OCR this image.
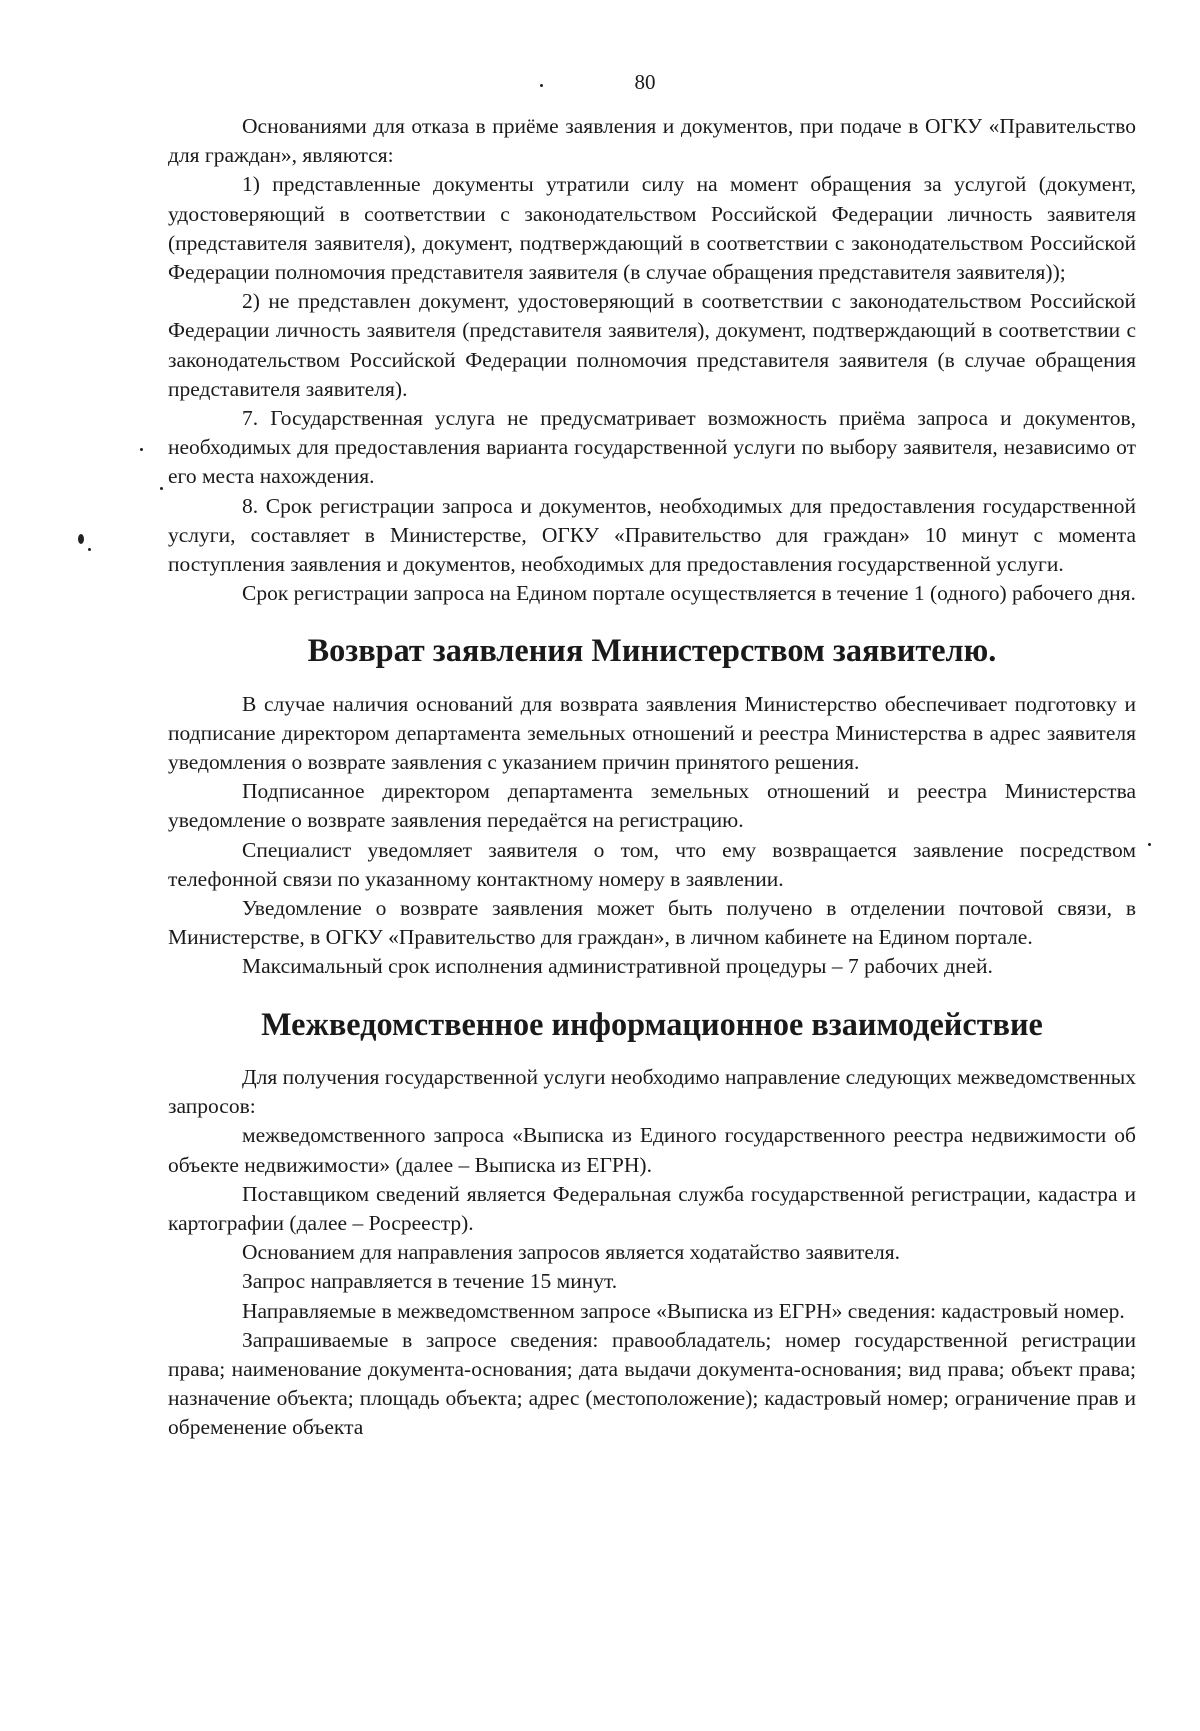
80

Основаниями для отказа в приёме заявления и документов, при подаче в ОГКУ «Правительство для граждан», являются:

1) представленные документы утратили силу на момент обращения за услугой (документ, удостоверяющий в соответствии с законодательством Российской Федерации личность заявителя (представителя заявителя), документ, подтверждающий в соответствии с законодательством Российской Федерации полномочия представителя заявителя (в случае обращения представителя заявителя));

2) не представлен документ, удостоверяющий в соответствии с законодательством Российской Федерации личность заявителя (представителя заявителя), документ, подтверждающий в соответствии с законодательством Российской Федерации полномочия представителя заявителя (в случае обращения представителя заявителя).

7. Государственная услуга не предусматривает возможность приёма запроса и документов, необходимых для предоставления варианта государственной услуги по выбору заявителя, независимо от его места нахождения.

8. Срок регистрации запроса и документов, необходимых для предоставления государственной услуги, составляет в Министерстве, ОГКУ «Правительство для граждан» 10 минут с момента поступления заявления и документов, необходимых для предоставления государственной услуги.

Срок регистрации запроса на Едином портале осуществляется в течение 1 (одного) рабочего дня.

Возврат заявления Министерством заявителю.

В случае наличия оснований для возврата заявления Министерство обеспечивает подготовку и подписание директором департамента земельных отношений и реестра Министерства в адрес заявителя уведомления о возврате заявления с указанием причин принятого решения.

Подписанное директором департамента земельных отношений и реестра Министерства уведомление о возврате заявления передаётся на регистрацию.

Специалист уведомляет заявителя о том, что ему возвращается заявление посредством телефонной связи по указанному контактному номеру в заявлении.

Уведомление о возврате заявления может быть получено в отделении почтовой связи, в Министерстве, в ОГКУ «Правительство для граждан», в личном кабинете на Едином портале.

Максимальный срок исполнения административной процедуры – 7 рабочих дней.

Межведомственное информационное взаимодействие

Для получения государственной услуги необходимо направление следующих межведомственных запросов:

межведомственного запроса «Выписка из Единого государственного реестра недвижимости об объекте недвижимости» (далее – Выписка из ЕГРН).

Поставщиком сведений является Федеральная служба государственной регистрации, кадастра и картографии (далее – Росреестр).

Основанием для направления запросов является ходатайство заявителя.

Запрос направляется в течение 15 минут.

Направляемые в межведомственном запросе «Выписка из ЕГРН» сведения: кадастровый номер.

Запрашиваемые в запросе сведения: правообладатель; номер государственной регистрации права; наименование документа-основания; дата выдачи документа-основания; вид права; объект права; назначение объекта; площадь объекта; адрес (местоположение); кадастровый номер; ограничение прав и обременение объекта
